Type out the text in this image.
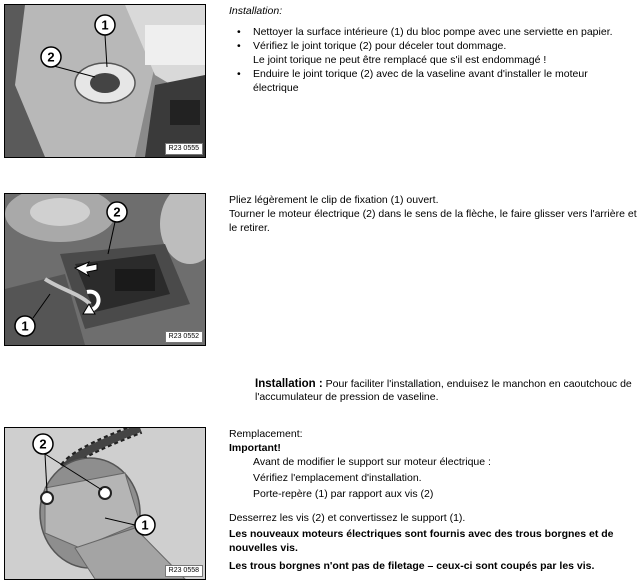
1
2
R23 0555
Installation:
• Nettoyer la surface intérieure (1) du bloc pompe avec une serviette en papier.
• Vérifiez le joint torique (2) pour déceler tout dommage.
Le joint torique ne peut être remplacé que s'il est endommagé !
• Enduire le joint torique (2) avec de la vaseline avant d'installer le moteur électrique
2
1
R23 0552
Pliez légèrement le clip de fixation (1) ouvert.
Tourner le moteur électrique (2) dans le sens de la flèche, le faire glisser vers l'arrière et le retirer.
Installation : Pour faciliter l'installation, enduisez le manchon en caoutchouc de l'accumulateur de pression de vaseline.
2
1
R23 0558
Remplacement:
Important!
Avant de modifier le support sur moteur électrique :
Vérifiez l'emplacement d'installation.
Porte-repère (1) par rapport aux vis (2)
Desserrez les vis (2) et convertissez le support (1).
Les nouveaux moteurs électriques sont fournis avec des trous borgnes et de nouvelles vis.
Les trous borgnes n'ont pas de filetage – ceux-ci sont coupés par les vis.
